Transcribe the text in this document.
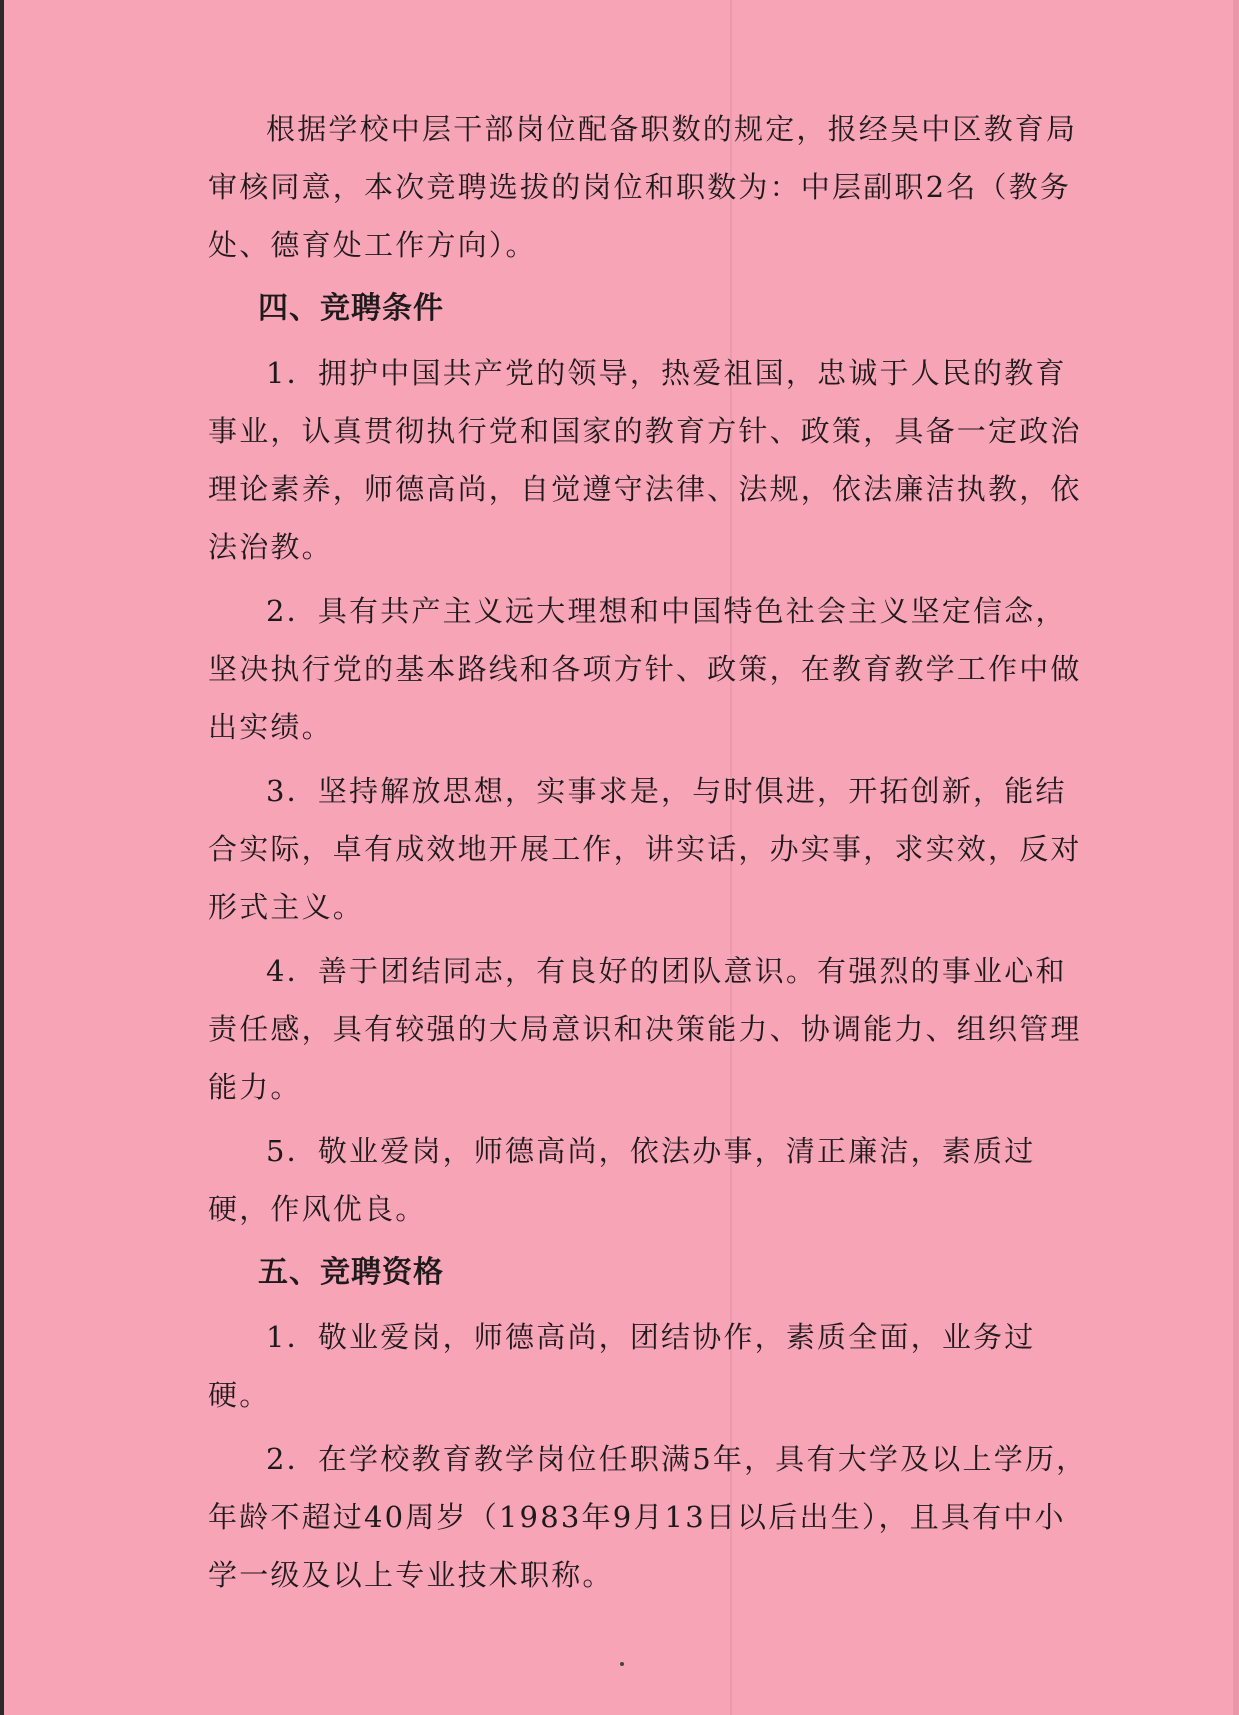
根据学校中层干部岗位配备职数的规定，报经吴中区教育局审核同意，本次竞聘选拔的岗位和职数为：中层副职2名（教务处、德育处工作方向）。

四、竞聘条件

1．拥护中国共产党的领导，热爱祖国，忠诚于人民的教育事业，认真贯彻执行党和国家的教育方针、政策，具备一定政治理论素养，师德高尚，自觉遵守法律、法规，依法廉洁执教，依法治教。

2．具有共产主义远大理想和中国特色社会主义坚定信念，坚决执行党的基本路线和各项方针、政策，在教育教学工作中做出实绩。

3．坚持解放思想，实事求是，与时俱进，开拓创新，能结合实际，卓有成效地开展工作，讲实话，办实事，求实效，反对形式主义。

4．善于团结同志，有良好的团队意识。有强烈的事业心和责任感，具有较强的大局意识和决策能力、协调能力、组织管理能力。

5．敬业爱岗，师德高尚，依法办事，清正廉洁，素质过硬，作风优良。

五、竞聘资格

1．敬业爱岗，师德高尚，团结协作，素质全面，业务过硬。

2．在学校教育教学岗位任职满5年，具有大学及以上学历，年龄不超过40周岁（1983年9月13日以后出生），且具有中小学一级及以上专业技术职称。
